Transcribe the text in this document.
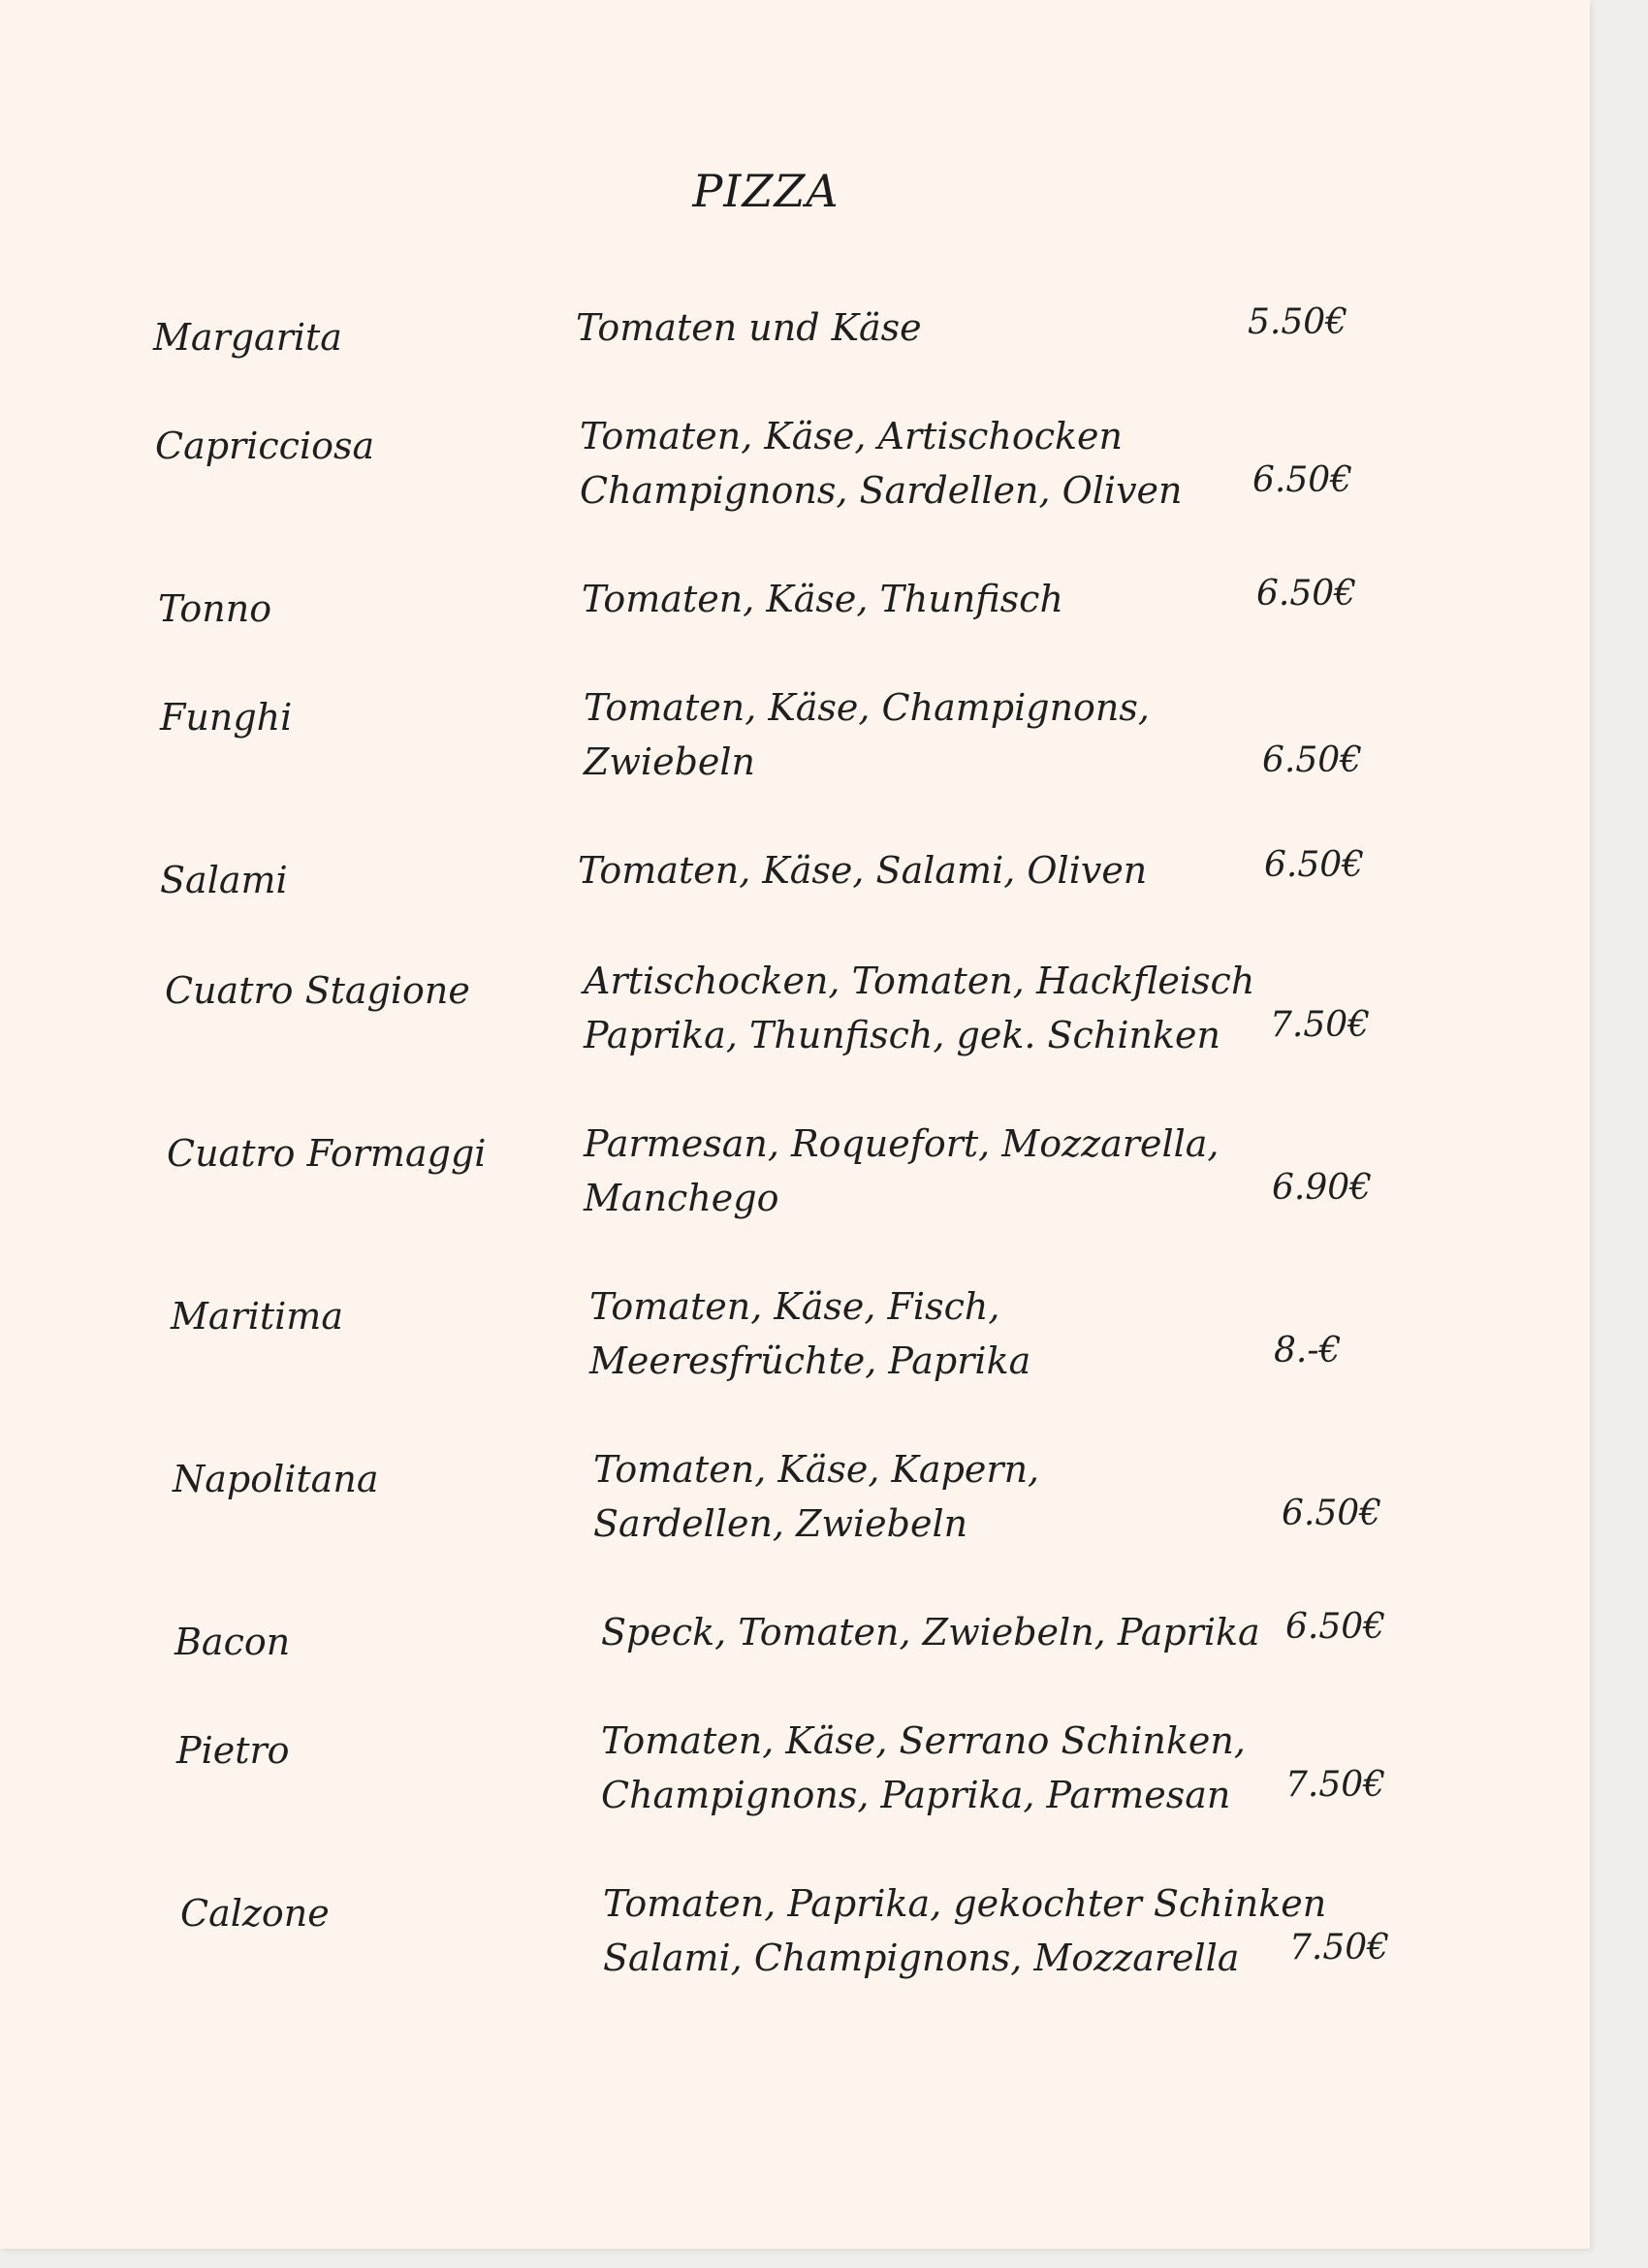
PIZZA
Margarita	Tomaten und Käse	5.50€
Capricciosa	Tomaten, Käse, Artischocken
Champignons, Sardellen, Oliven 6.50€
Tonno	Tomaten, Käse, Thunfisch	6.50€
Funghi	Tomaten, Käse, Champignons,
Zwiebeln	6.50€
Salami	Tomaten, Käse, Salami, Oliven	6.50€
Cuatro Stagione	Artischocken, Tomaten, Hackfleisch
Paprika, Thunfisch, gek. Schinken	7.50€
Cuatro Formaggi	Parmesan, Roquefort, Mozzarella,
Manchego	6.90€
Maritima	Tomaten, Käse, Fisch,
Meeresfrüchte, Paprika	8.-€
Napolitana	Tomaten, Käse, Kapern,
Sardellen, Zwiebeln	6.50€
Bacon	Speck, Tomaten, Zwiebeln, Paprika 6.50€
Pietro	Tomaten, Käse, Serrano Schinken,
Champignons, Paprika, Parmesan	7.50€
Calzone	Tomaten, Paprika, gekochter Schinken
Salami, Champignons, Mozzarella	7.50€
